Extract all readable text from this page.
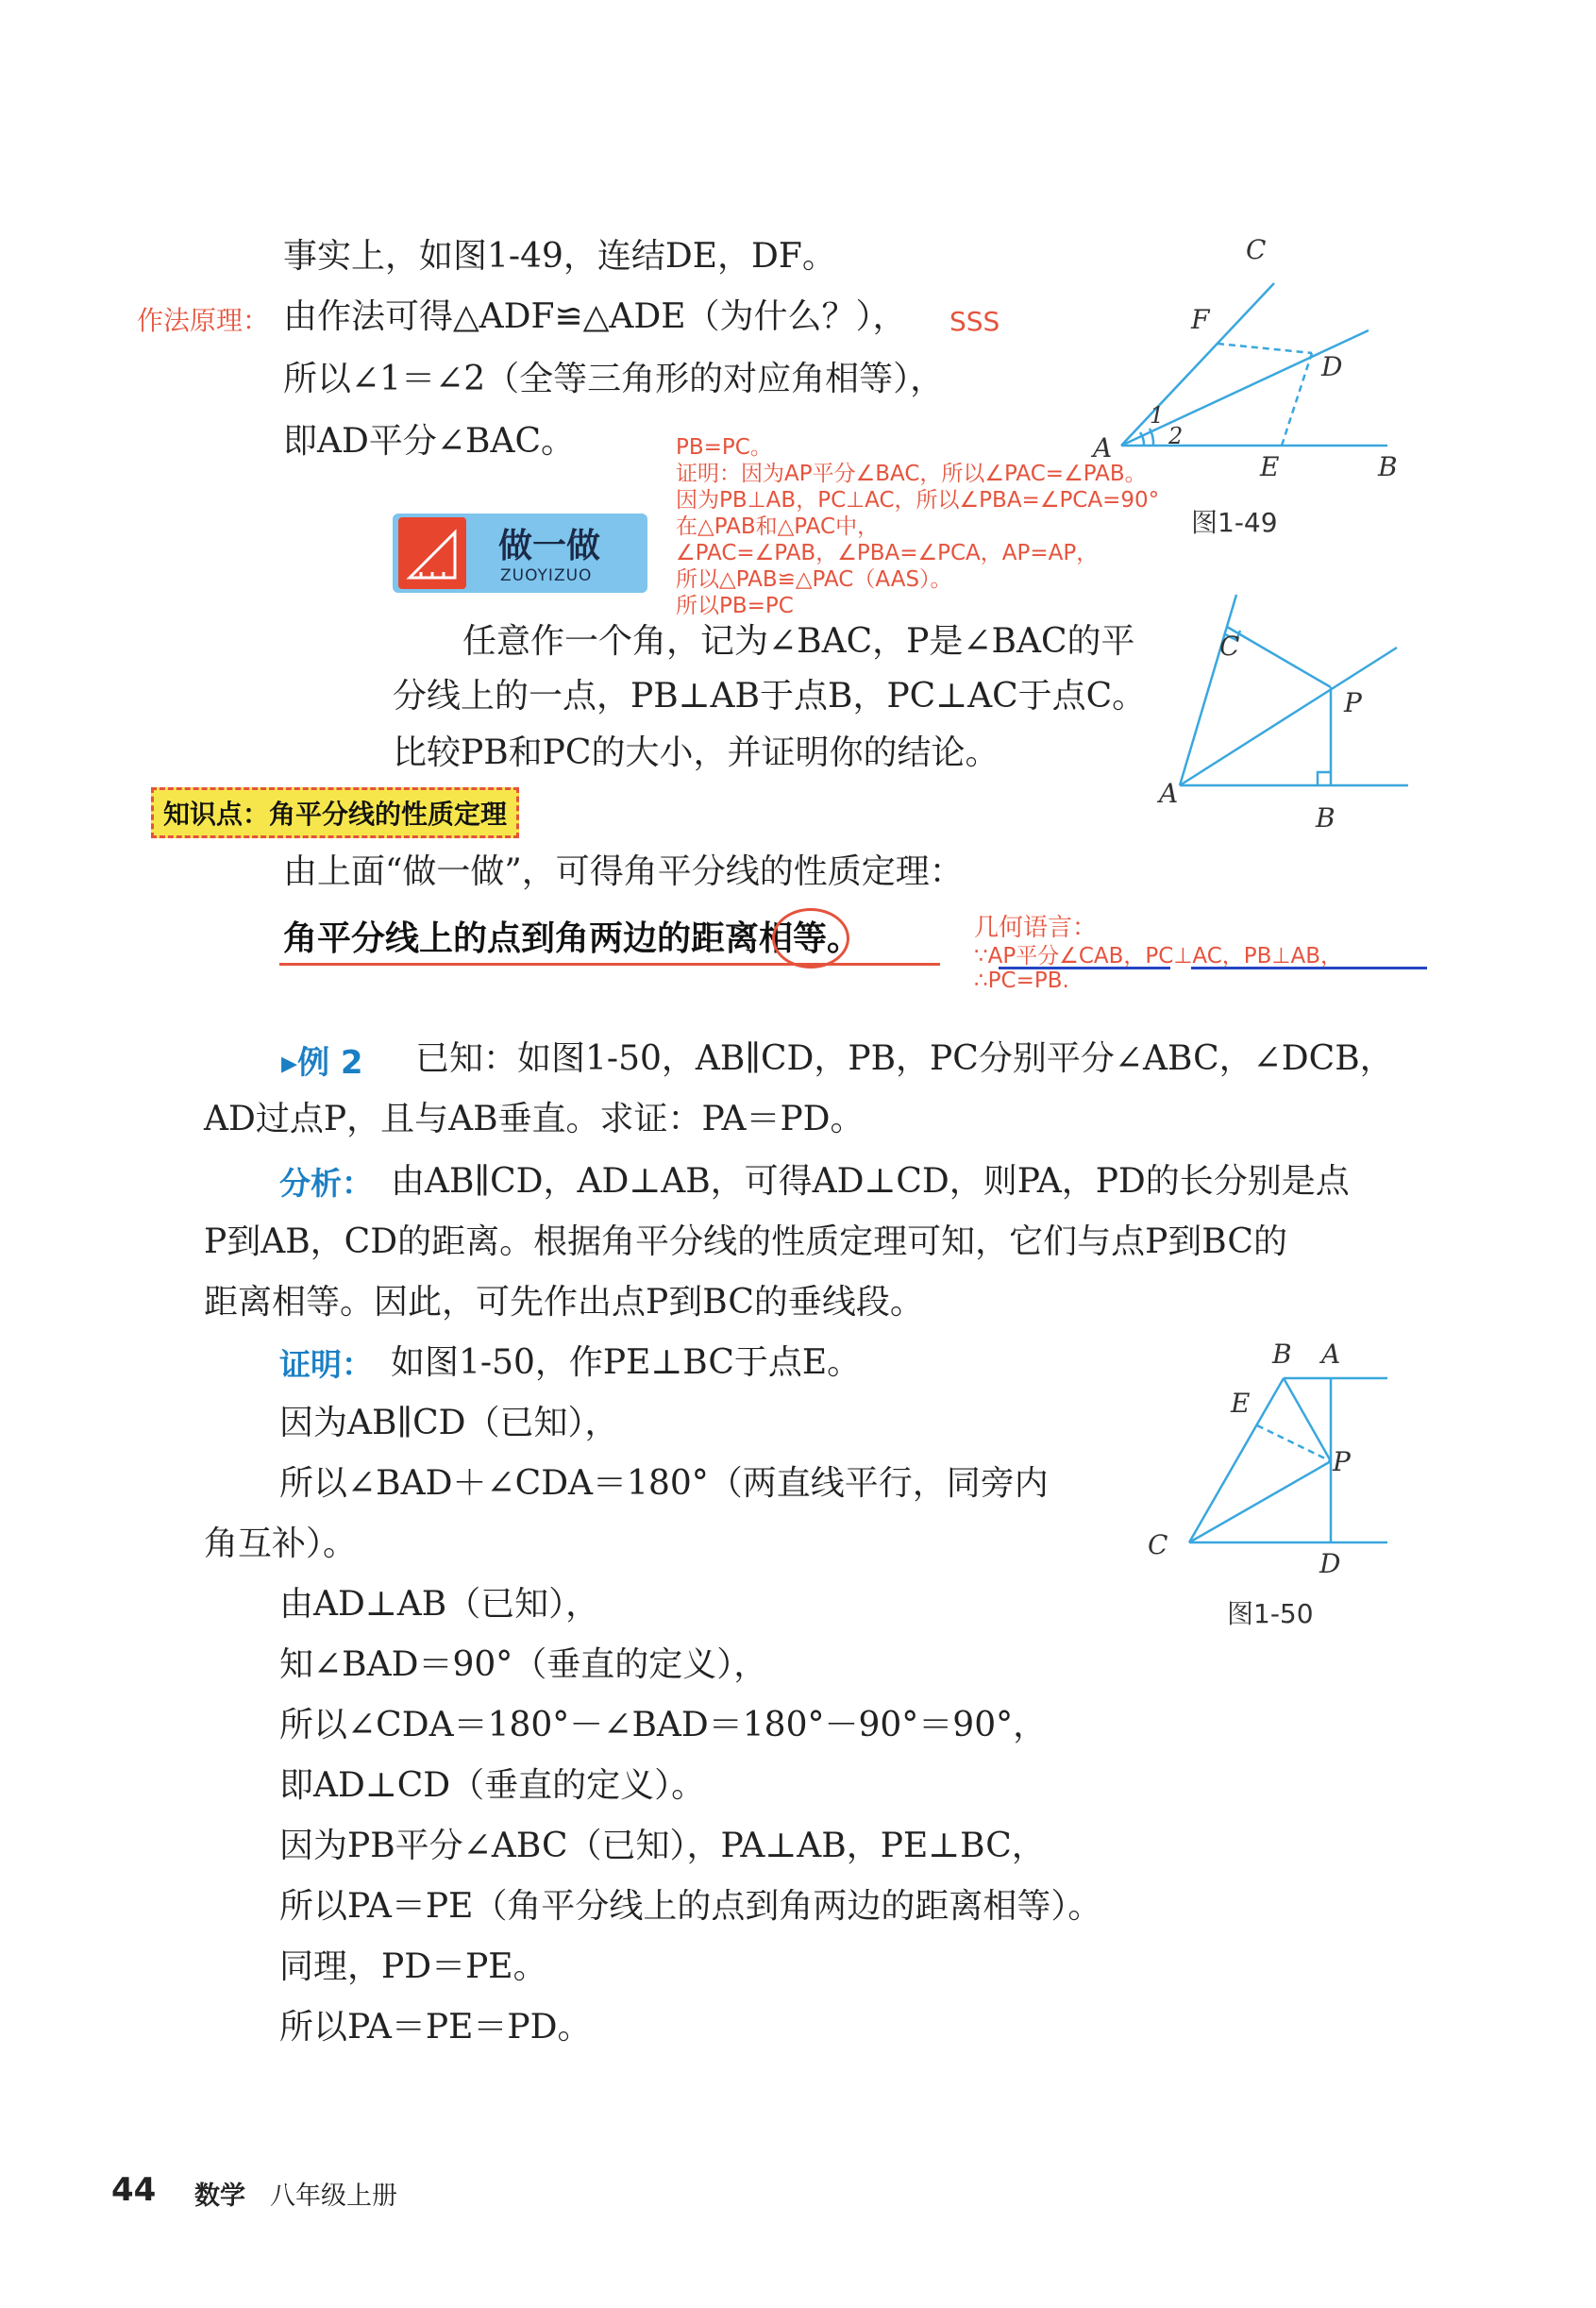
事实上，如图1-49，连结DE，DF。
作法原理： 由作法可得△ADF≌△ADE（为什么？）， SSS
所以∠1＝∠2（全等三角形的对应角相等），
即AD平分∠BAC。
C
F
D
A
1
2
E	B
图1-49
PB=PC。
证明：因为AP平分∠BAC，所以∠PAC=∠PAB。
因为PB⊥AB，PC⊥AC，所以∠PBA=∠PCA=90°
在△PAB和△PAC中，
∠PAC=∠PAB，∠PBA=∠PCA，AP=AP，
所以△PAB≌△PAC（AAS）。
所以PB=PC
做一做
ZUOYIZUO
任意作一个角，记为∠BAC，P是∠BAC的平
分线上的一点，PB⊥AB于点B，PC⊥AC于点C。
比较PB和PC的大小，并证明你的结论。
C
P
A
B
知识点：角平分线的性质定理
由上面“做一做”，可得角平分线的性质定理：
角平分线上的点到角两边的距离相等。	几何语言：
∵AP平分∠CAB，PC⊥AC，PB⊥AB，
∴PC=PB.
▸例 2 已知：如图1-50，AB∥CD，PB，PC分别平分∠ABC，∠DCB，
AD过点P，且与AB垂直。求证：PA＝PD。
分析： 由AB∥CD，AD⊥AB，可得AD⊥CD，则PA，PD的长分别是点
P到AB，CD的距离。根据角平分线的性质定理可知，它们与点P到BC的
距离相等。因此，可先作出点P到BC的垂线段。
证明： 如图1-50，作PE⊥BC于点E。
因为AB∥CD（已知），
所以∠BAD＋∠CDA＝180°（两直线平行，同旁内
角互补）。
由AD⊥AB（已知），
知∠BAD＝90°（垂直的定义），
所以∠CDA＝180°－∠BAD＝180°－90°＝90°，
即AD⊥CD（垂直的定义）。
因为PB平分∠ABC（已知），PA⊥AB，PE⊥BC，
所以PA＝PE（角平分线上的点到角两边的距离相等）。
同理，PD＝PE。
所以PA＝PE＝PD。
B A
E
P
C
D
图1-50
44 数学 八年级上册
